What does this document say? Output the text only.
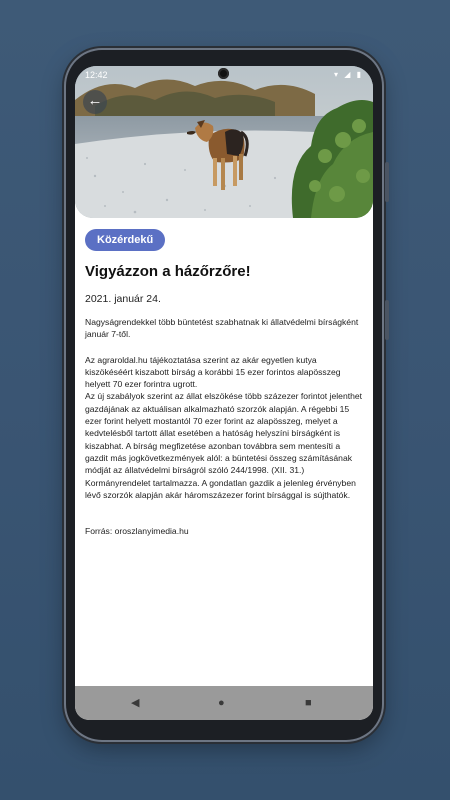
12:42	▾ ◢ ▮
←
Közérdekű
Vigyázzon a házőrzőre!
2021. január 24.
Nagyságrendekkel több büntetést szabhatnak ki állatvédelmi bírságként január 7-től.
Az agraroldal.hu tájékoztatása szerint az akár egyetlen kutya kiszökéséért kiszabott bírság a korábbi 15 ezer forintos alapösszeg helyett 70 ezer forintra ugrott.
Az új szabályok szerint az állat elszökése több százezer forintot jelenthet gazdájának az aktuálisan alkalmazható szorzók alapján. A régebbi 15 ezer forint helyett mostantól 70 ezer forint az alapösszeg, melyet a kedvtelésből tartott állat esetében a hatóság helyszíni bírságként is kiszabhat. A bírság megfizetése azonban továbbra sem mentesíti a gazdit más jogkövetkezmények alól: a büntetési összeg számításának módját az állatvédelmi bírságról szóló 244/1998. (XII. 31.) Kormányrendelet tartalmazza. A gondatlan gazdik a jelenleg érvényben lévő szorzók alapján akár háromszázezer forint bírsággal is sújthatók.
Forrás: oroszlanyimedia.hu
◀	●	■
